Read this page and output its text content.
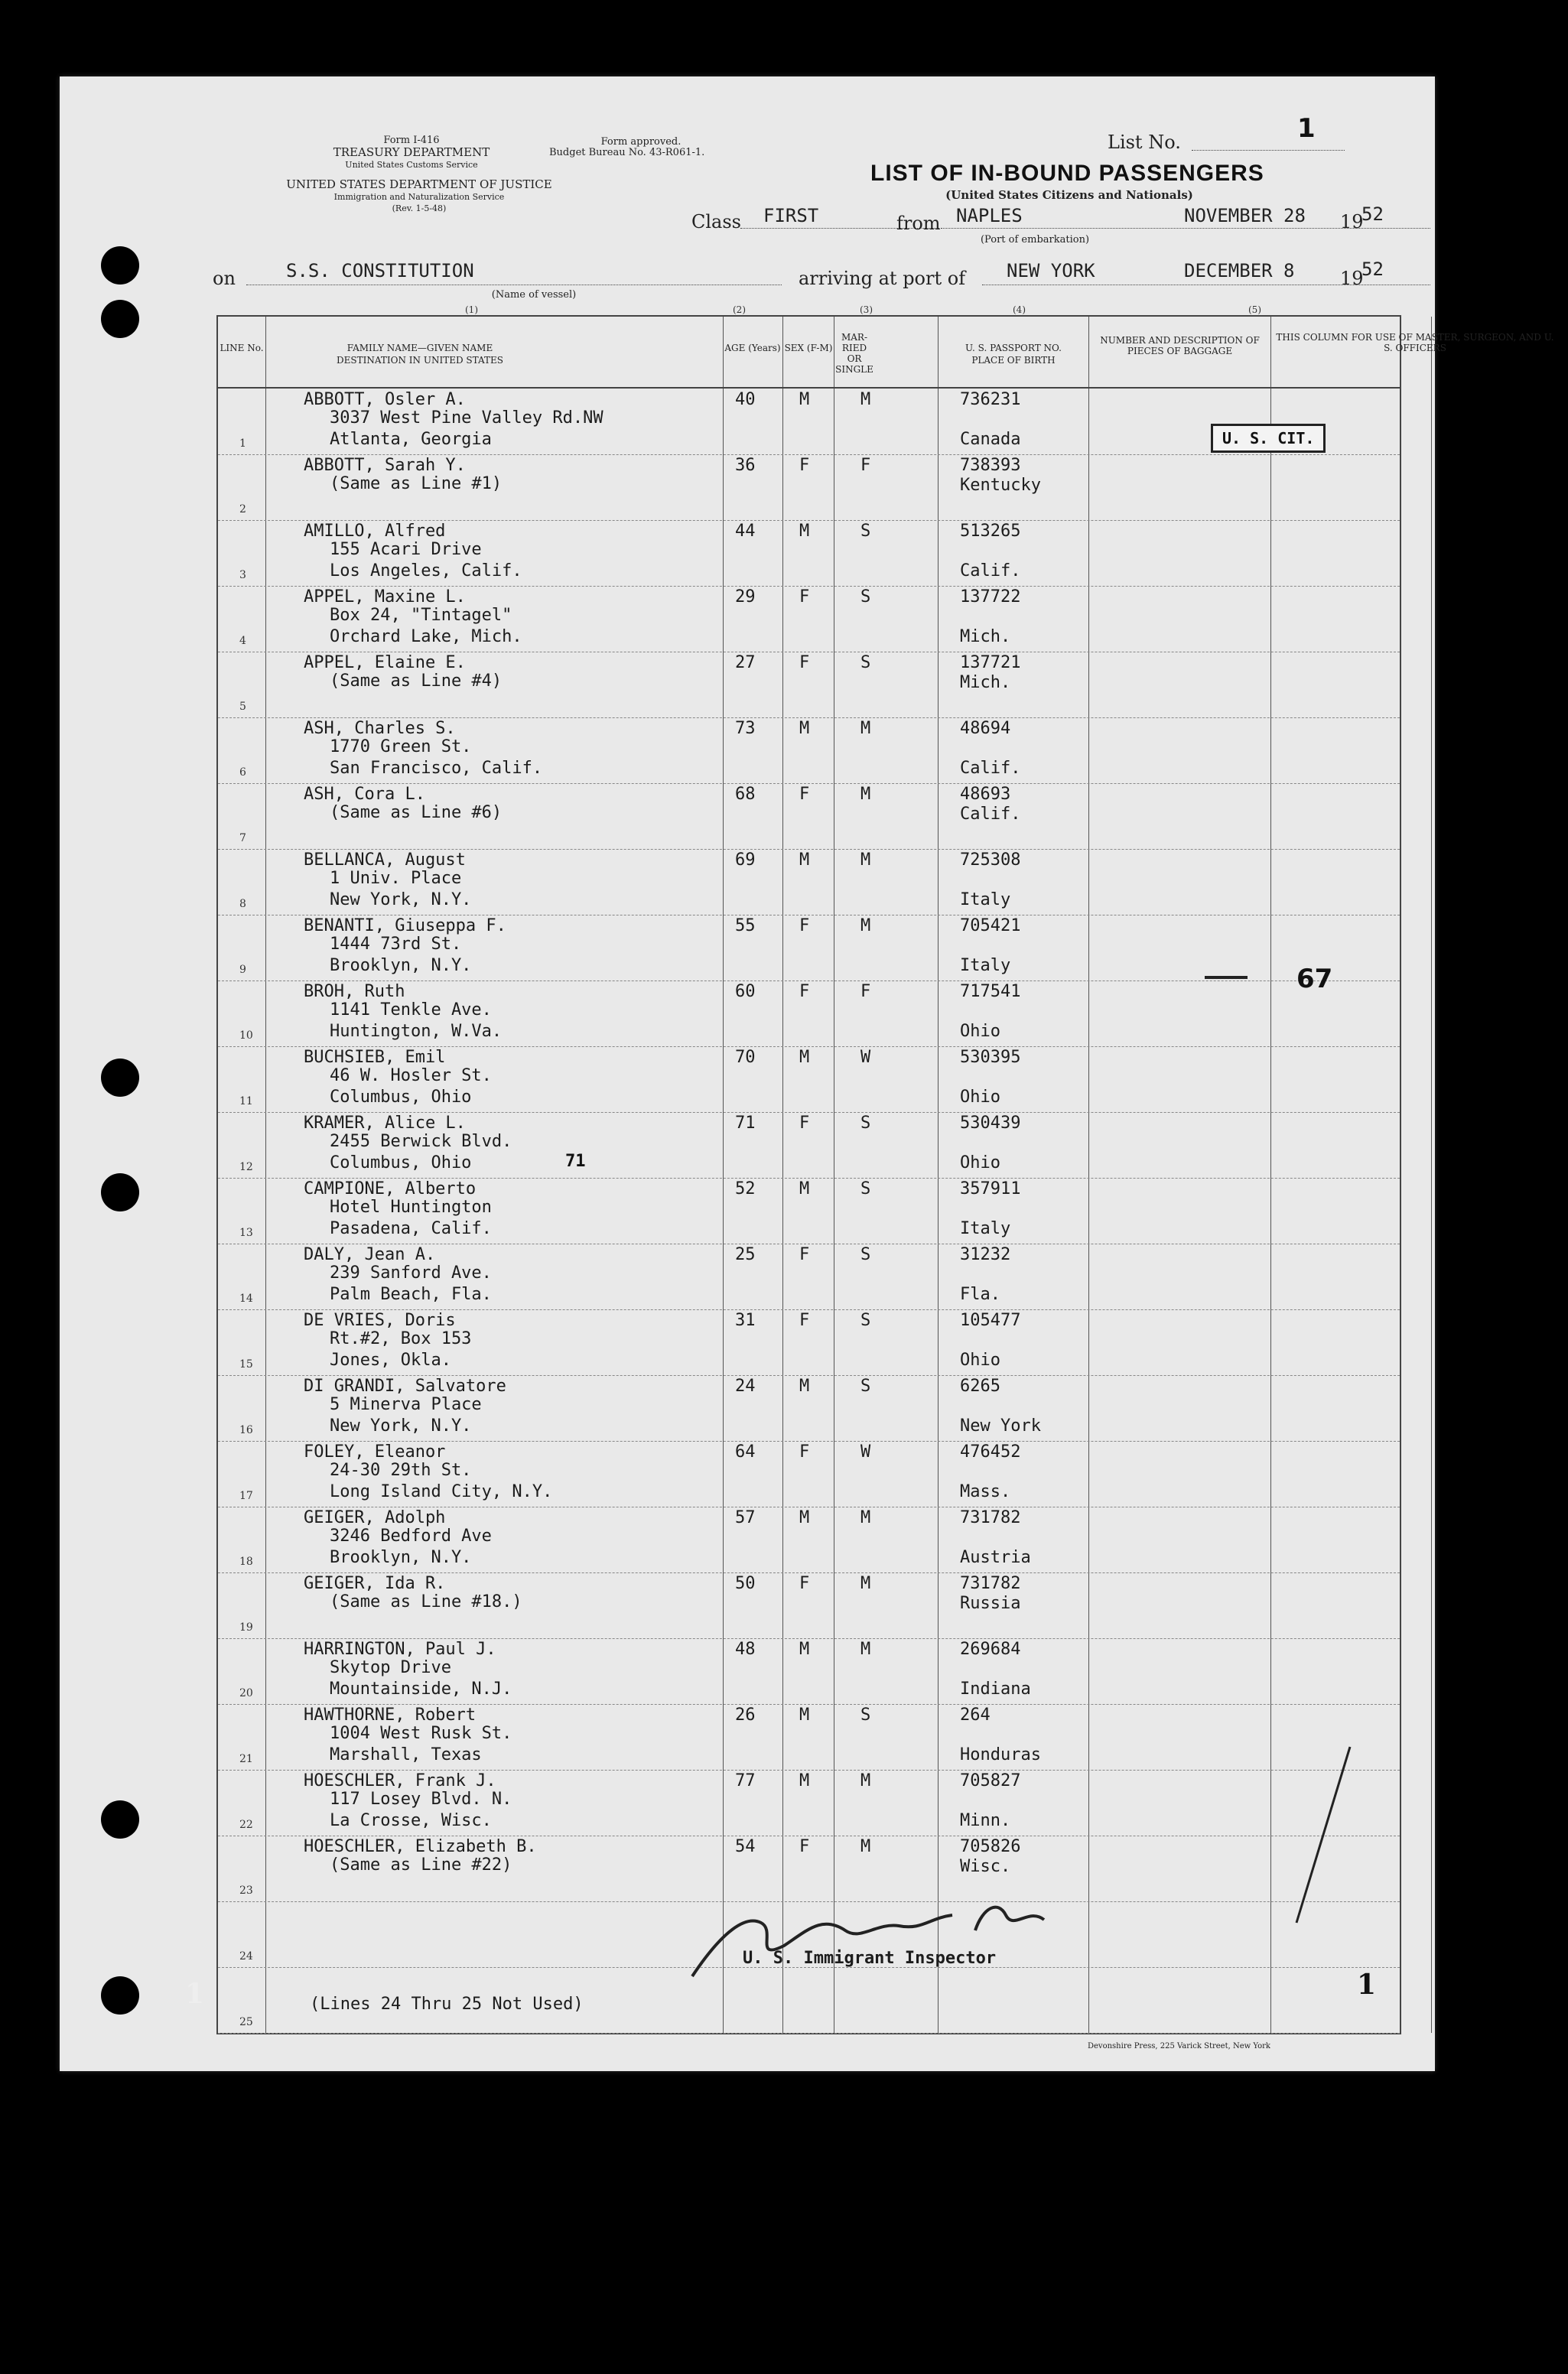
Form I-416
TREASURY DEPARTMENT
United States Customs Service
UNITED STATES DEPARTMENT OF JUSTICE
Immigration and Naturalization Service
(Rev. 1-5-48)
Form approved.
Budget Bureau No. 43-R061-1.	List No.	1
LIST OF IN-BOUND PASSENGERS
(United States Citizens and Nationals)
Class FIRST	from NAPLES	NOVEMBER 28 19
52
(Port of embarkation)
on	S.S. CONSTITUTION
(Name of vessel)
arriving at port of NEW YORK	DECEMBER 8 19
52
(1)	(2)	(3)	(4)	(5)
Devonshire Press, 225 Varick Street, New York
LINE No.	FAMILY NAME—GIVEN NAME
DESTINATION IN UNITED STATES
AGE (Years) SEX (F-M)
MAR-RIED OR SINGLE
U. S. PASSPORT NO.
PLACE OF BIRTH
NUMBER AND DESCRIPTION OF PIECES OF BAGGAGE
THIS COLUMN FOR USE OF MASTER, SURGEON, AND U. S. OFFICERS
1
ABBOTT, Osler A.
3037 West Pine Valley Rd.NW
Atlanta, Georgia
40	M	M	736231
Canada
2
ABBOTT, Sarah Y.
(Same as Line #1)
36	F	F	738393
Kentucky
3
AMILLO, Alfred
155 Acari Drive
Los Angeles, Calif.
44	M	S	513265
Calif.
4
APPEL, Maxine L.
Box 24, "Tintagel"
Orchard Lake, Mich.
29	F	S	137722
Mich.
5
APPEL, Elaine E.
(Same as Line #4)
27	F	S	137721
Mich.
6
ASH, Charles S.
1770 Green St.
San Francisco, Calif.
73	M	M	48694
Calif.
7
ASH, Cora L.
(Same as Line #6)
68	F	M	48693
Calif.
8
BELLANCA, August
1 Univ. Place
New York, N.Y.
69	M	M	725308
Italy
9
BENANTI, Giuseppa F.
1444 73rd St.
Brooklyn, N.Y.
55	F	M	705421
Italy
10
BROH, Ruth
1141 Tenkle Ave.
Huntington, W.Va.
60	F	F	717541
Ohio
11
BUCHSIEB, Emil
46 W. Hosler St.
Columbus, Ohio
70	M	W	530395
Ohio
12
KRAMER, Alice L.
2455 Berwick Blvd.
Columbus, Ohio
71	F	S	530439
Ohio
13
CAMPIONE, Alberto
Hotel Huntington
Pasadena, Calif.
52	M	S	357911
Italy
14
DALY, Jean A.
239 Sanford Ave.
Palm Beach, Fla.
25	F	S	31232
Fla.
15
DE VRIES, Doris
Rt.#2, Box 153
Jones, Okla.
31	F	S	105477
Ohio
16
DI GRANDI, Salvatore
5 Minerva Place
New York, N.Y.
24	M	S	6265
New York
17
FOLEY, Eleanor
24-30 29th St.
Long Island City, N.Y.
64	F	W	476452
Mass.
18
GEIGER, Adolph
3246 Bedford Ave
Brooklyn, N.Y.
57	M	M	731782
Austria
19
GEIGER, Ida R.
(Same as Line #18.)
50	F	M	731782
Russia
20
HARRINGTON, Paul J.
Skytop Drive
Mountainside, N.J.
48	M	M	269684
Indiana
21
HAWTHORNE, Robert
1004 West Rusk St.
Marshall, Texas
26	M	S	264
Honduras
22
HOESCHLER, Frank J.
117 Losey Blvd. N.
La Crosse, Wisc.
77	M	M	705827
Minn.
23
HOESCHLER, Elizabeth B.
(Same as Line #22)
54	F	M	705826
Wisc.
24
25
U. S. CIT.
67
71
(Lines 24 Thru 25 Not Used)
U. S. Immigrant Inspector
1	1
